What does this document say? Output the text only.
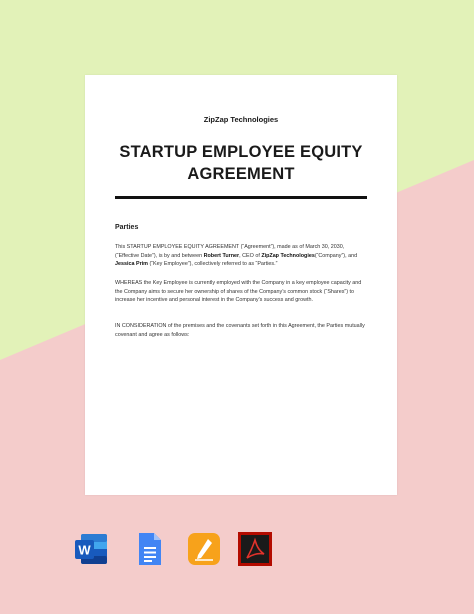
ZipZap Technologies
STARTUP EMPLOYEE EQUITY AGREEMENT
Parties
This STARTUP EMPLOYEE EQUITY AGREEMENT (“Agreement”), made as of March 30, 2030, (“Effective Date”), is by and between Robert Turner, CEO of ZipZap Technologies(“Company”), and Jessica Prim (“Key Employee”), collectively referred to as “Parties.”
WHEREAS the Key Employee is currently employed with the Company in a key employee capacity and the Company aims to secure her ownership of shares of the Company’s common stock (“Shares”) to increase her incentive and personal interest in the Company’s success and growth.
IN CONSIDERATION of the premises and the covenants set forth in this Agreement, the Parties mutually covenant and agree as follows:
W
